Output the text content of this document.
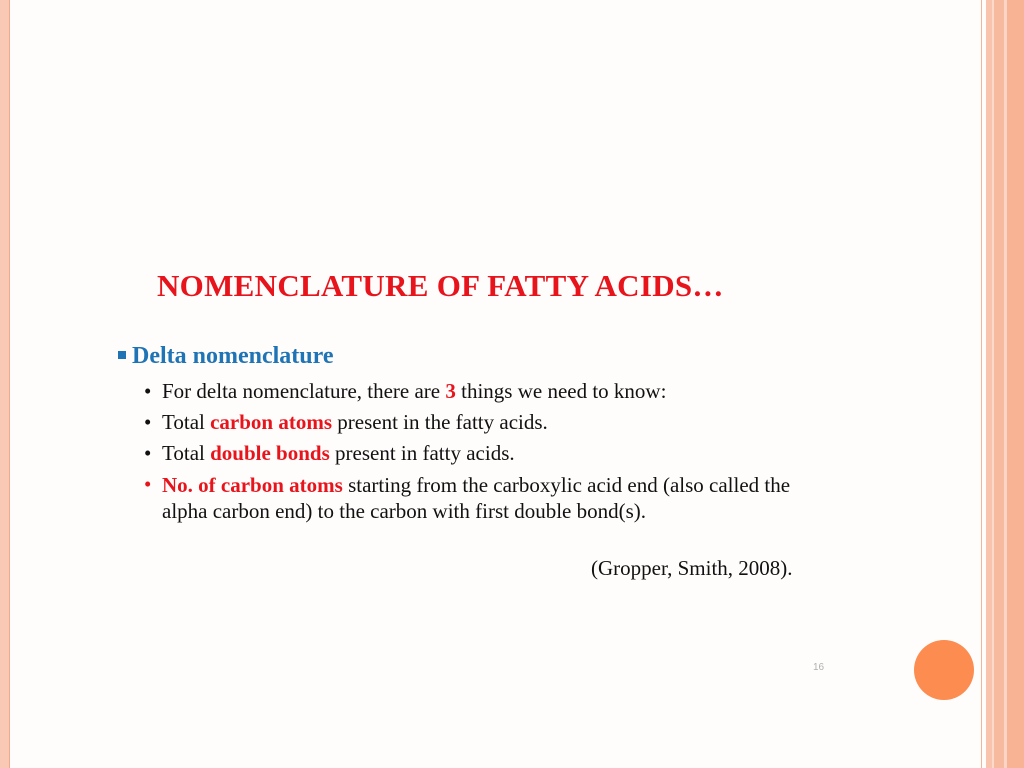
NOMENCLATURE OF FATTY ACIDS…
Delta nomenclature
• For delta nomenclature, there are 3 things we need to know:
• Total carbon atoms present in the fatty acids.
• Total double bonds present in fatty acids.
• No. of carbon atoms starting from the carboxylic acid end (also called the alpha carbon end) to the carbon with first double bond(s).
(Gropper, Smith, 2008).
16
